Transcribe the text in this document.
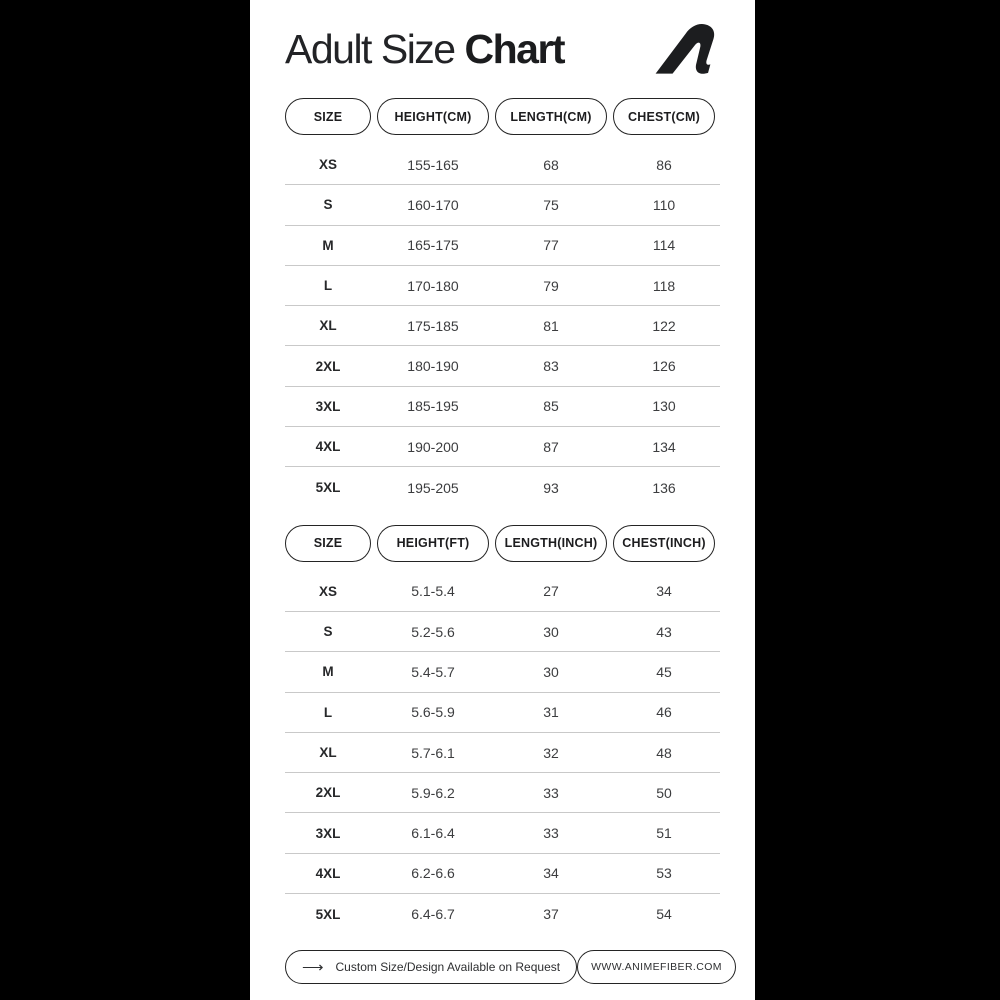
Adult Size Chart
SIZE	HEIGHT(CM)	LENGTH(CM)	CHEST(CM)
XS	155-165	68	86
S	160-170	75	110
M	165-175	77	114
L	170-180	79	118
XL	175-185	81	122
2XL	180-190	83	126
3XL	185-195	85	130
4XL	190-200	87	134
5XL	195-205	93	136
SIZE	HEIGHT(FT)	LENGTH(INCH)	CHEST(INCH)
XS	5.1-5.4	27	34
S	5.2-5.6	30	43
M	5.4-5.7	30	45
L	5.6-5.9	31	46
XL	5.7-6.1	32	48
2XL	5.9-6.2	33	50
3XL	6.1-6.4	33	51
4XL	6.2-6.6	34	53
5XL	6.4-6.7	37	54
⟶ Custom Size/Design Available on Request	WWW.ANIMEFIBER.COM
